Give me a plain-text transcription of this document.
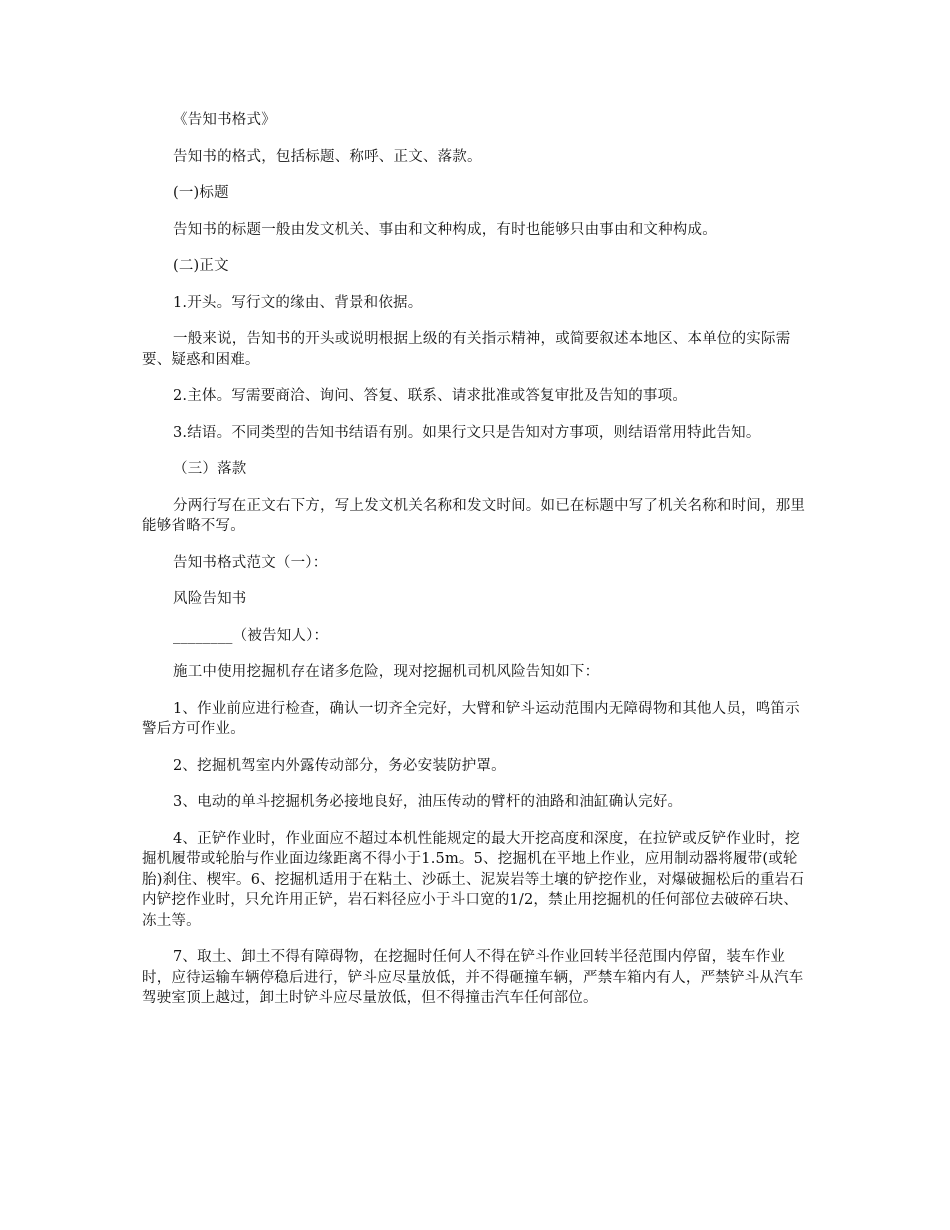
《告知书格式》

告知书的格式，包括标题、称呼、正文、落款。

(一)标题

告知书的标题一般由发文机关、事由和文种构成，有时也能够只由事由和文种构成。

(二)正文

1.开头。写行文的缘由、背景和依据。

一般来说，告知书的开头或说明根据上级的有关指示精神，或简要叙述本地区、本单位的实际需要、疑惑和困难。

2.主体。写需要商洽、询问、答复、联系、请求批准或答复审批及告知的事项。

3.结语。不同类型的告知书结语有别。如果行文只是告知对方事项，则结语常用特此告知。

（三）落款

分两行写在正文右下方，写上发文机关名称和发文时间。如已在标题中写了机关名称和时间，那里能够省略不写。

告知书格式范文（一）：

风险告知书

________（被告知人）：

施工中使用挖掘机存在诸多危险，现对挖掘机司机风险告知如下：

1、作业前应进行检查，确认一切齐全完好，大臂和铲斗运动范围内无障碍物和其他人员，鸣笛示警后方可作业。

2、挖掘机驾室内外露传动部分，务必安装防护罩。

3、电动的单斗挖掘机务必接地良好，油压传动的臂杆的油路和油缸确认完好。

4、正铲作业时，作业面应不超过本机性能规定的最大开挖高度和深度，在拉铲或反铲作业时，挖掘机履带或轮胎与作业面边缘距离不得小于1.5m。5、挖掘机在平地上作业，应用制动器将履带(或轮胎)刹住、楔牢。6、挖掘机适用于在粘土、沙砾土、泥炭岩等土壤的铲挖作业，对爆破掘松后的重岩石内铲挖作业时，只允许用正铲，岩石料径应小于斗口宽的1/2，禁止用挖掘机的任何部位去破碎石块、冻土等。

7、取土、卸土不得有障碍物，在挖掘时任何人不得在铲斗作业回转半径范围内停留，装车作业时，应待运输车辆停稳后进行，铲斗应尽量放低，并不得砸撞车辆，严禁车箱内有人，严禁铲斗从汽车驾驶室顶上越过，卸土时铲斗应尽量放低，但不得撞击汽车任何部位。
